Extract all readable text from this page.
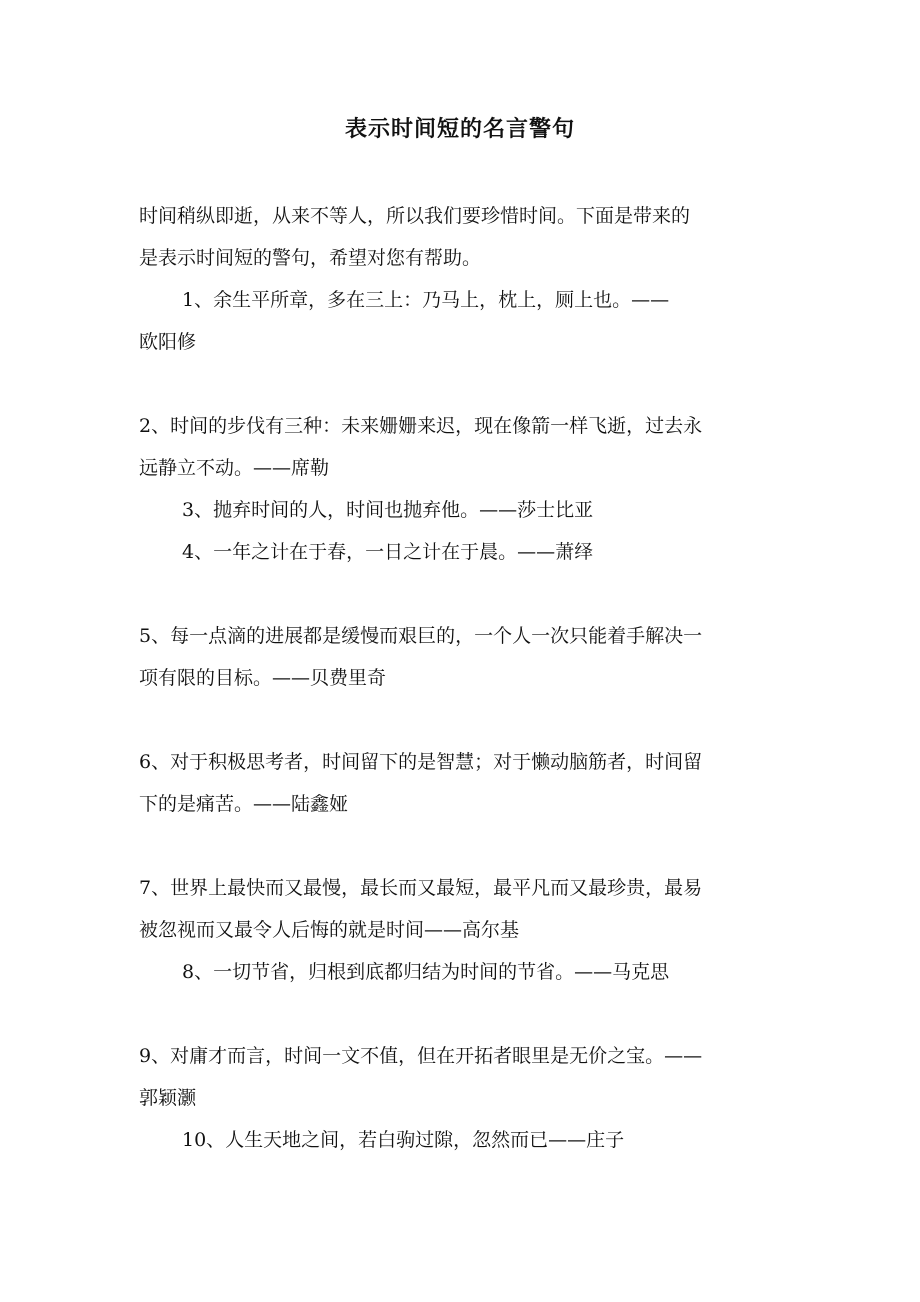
表示时间短的名言警句
时间稍纵即逝，从来不等人，所以我们要珍惜时间。下面是带来的
是表示时间短的警句，希望对您有帮助。
1、余生平所章，多在三上：乃马上，枕上，厕上也。——
欧阳修
2、时间的步伐有三种：未来姗姗来迟，现在像箭一样飞逝，过去永
远静立不动。——席勒
3、抛弃时间的人，时间也抛弃他。——莎士比亚
4、一年之计在于春，一日之计在于晨。——萧绎
5、每一点滴的进展都是缓慢而艰巨的，一个人一次只能着手解决一
项有限的目标。——贝费里奇
6、对于积极思考者，时间留下的是智慧；对于懒动脑筋者，时间留
下的是痛苦。——陆鑫娅
7、世界上最快而又最慢，最长而又最短，最平凡而又最珍贵，最易
被忽视而又最令人后悔的就是时间——高尔基
8、一切节省，归根到底都归结为时间的节省。——马克思
9、对庸才而言，时间一文不值，但在开拓者眼里是无价之宝。——
郭颖灏
10、人生天地之间，若白驹过隙，忽然而已——庄子
